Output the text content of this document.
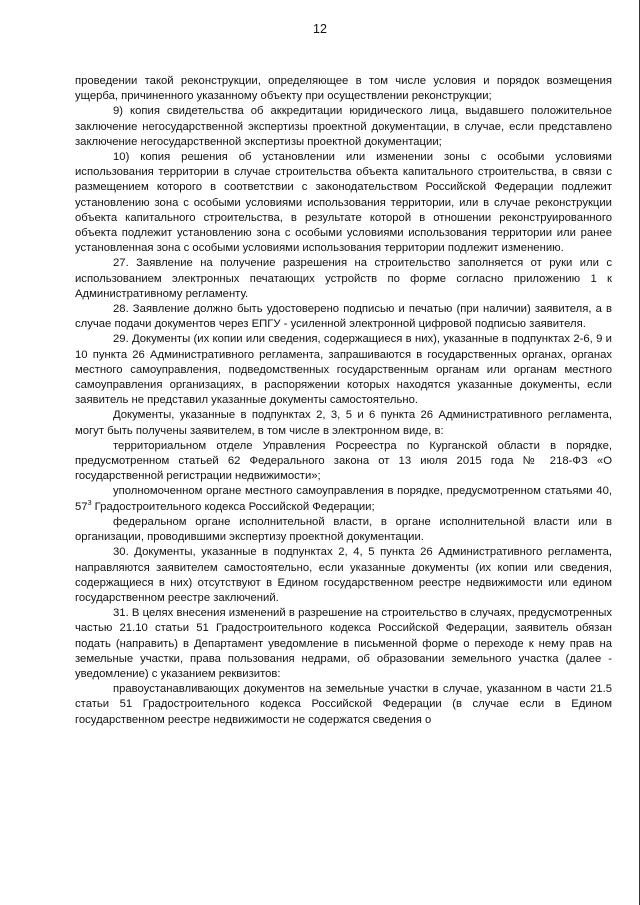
12

проведении такой реконструкции, определяющее в том числе условия и порядок возмещения ущерба, причиненного указанному объекту при осуществлении реконструкции;

9) копия свидетельства об аккредитации юридического лица, выдавшего положительное заключение негосударственной экспертизы проектной документации, в случае, если представлено заключение негосударственной экспертизы проектной документации;

10) копия решения об установлении или изменении зоны с особыми условиями использования территории в случае строительства объекта капитального строительства, в связи с размещением которого в соответствии с законодательством Российской Федерации подлежит установлению зона с особыми условиями использования территории, или в случае реконструкции объекта капитального строительства, в результате которой в отношении реконструированного объекта подлежит установлению зона с особыми условиями использования территории или ранее установленная зона с особыми условиями использования территории подлежит изменению.

27. Заявление на получение разрешения на строительство заполняется от руки или с использованием электронных печатающих устройств по форме согласно приложению 1 к Административному регламенту.

28. Заявление должно быть удостоверено подписью и печатью (при наличии) заявителя, а в случае подачи документов через ЕПГУ - усиленной электронной цифровой подписью заявителя.

29. Документы (их копии или сведения, содержащиеся в них), указанные в подпунктах 2-6, 9 и 10 пункта 26 Административного регламента, запрашиваются в государственных органах, органах местного самоуправления, подведомственных государственным органам или органам местного самоуправления организациях, в распоряжении которых находятся указанные документы, если заявитель не представил указанные документы самостоятельно.

Документы, указанные в подпунктах 2, 3, 5 и 6 пункта 26 Административного регламента, могут быть получены заявителем, в том числе в электронном виде, в:

территориальном отделе Управления Росреестра по Курганской области в порядке, предусмотренном статьей 62 Федерального закона от 13 июля 2015 года № 218-ФЗ «О государственной регистрации недвижимости»;

уполномоченном органе местного самоуправления в порядке, предусмотренном статьями 40, $57^3$ Градостроительного кодекса Российской Федерации;

федеральном органе исполнительной власти, в органе исполнительной власти или в организации, проводившими экспертизу проектной документации.

30. Документы, указанные в подпунктах 2, 4, 5 пункта 26 Административного регламента, направляются заявителем самостоятельно, если указанные документы (их копии или сведения, содержащиеся в них) отсутствуют в Едином государственном реестре недвижимости или едином государственном реестре заключений.

31. В целях внесения изменений в разрешение на строительство в случаях, предусмотренных частью 21.10 статьи 51 Градостроительного кодекса Российской Федерации, заявитель обязан подать (направить) в Департамент уведомление в письменной форме о переходе к нему прав на земельные участки, права пользования недрами, об образовании земельного участка (далее - уведомление) с указанием реквизитов:

правоустанавливающих документов на земельные участки в случае, указанном в части 21.5 статьи 51 Градостроительного кодекса Российской Федерации (в случае если в Едином государственном реестре недвижимости не содержатся сведения о
